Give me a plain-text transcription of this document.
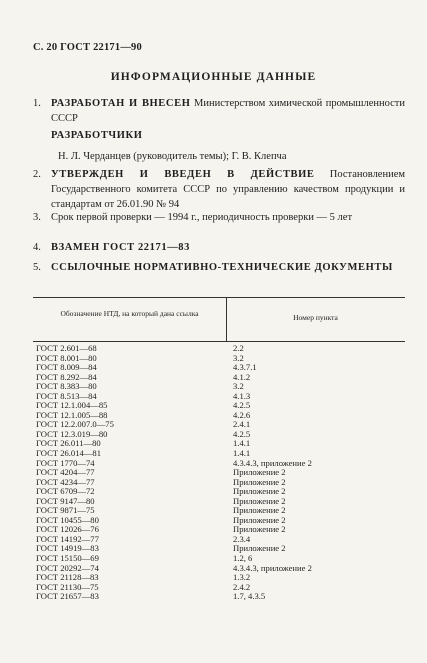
С. 20 ГОСТ 22171—90
ИНФОРМАЦИОННЫЕ ДАННЫЕ
1. РАЗРАБОТАН И ВНЕСЕН Министерством химической промышленности СССР
РАЗРАБОТЧИКИ
Н. Л. Черданцев (руководитель темы); Г. В. Клепча
2. УТВЕРЖДЕН И ВВЕДЕН В ДЕЙСТВИЕ Постановлением Государственного комитета СССР по управлению качеством продукции и стандартам от 26.01.90 № 94
3. Срок первой проверки — 1994 г., периодичность проверки — 5 лет
4. ВЗАМЕН ГОСТ 22171—83
5. ССЫЛОЧНЫЕ НОРМАТИВНО-ТЕХНИЧЕСКИЕ ДОКУМЕНТЫ
Обозначение НТД, на который дана ссылка	Номер пункта
ГОСТ 2.601—68	2.2
ГОСТ 8.001—80	3.2
ГОСТ 8.009—84	4.3.7.1
ГОСТ 8.292—84	4.1.2
ГОСТ 8.383—80	3.2
ГОСТ 8.513—84	4.1.3
ГОСТ 12.1.004—85	4.2.5
ГОСТ 12.1.005—88	4.2.6
ГОСТ 12.2.007.0—75	2.4.1
ГОСТ 12.3.019—80	4.2.5
ГОСТ 26.011—80	1.4.1
ГОСТ 26.014—81	1.4.1
ГОСТ 1770—74	4.3.4.3, приложение 2
ГОСТ 4204—77	Приложение 2
ГОСТ 4234—77	Приложение 2
ГОСТ 6709—72	Приложение 2
ГОСТ 9147—80	Приложение 2
ГОСТ 9871—75	Приложение 2
ГОСТ 10455—80	Приложение 2
ГОСТ 12026—76	Приложение 2
ГОСТ 14192—77	2.3.4
ГОСТ 14919—83	Приложение 2
ГОСТ 15150—69	1.2, 6
ГОСТ 20292—74	4.3.4.3, приложение 2
ГОСТ 21128—83	1.3.2
ГОСТ 21130—75	2.4.2
ГОСТ 21657—83	1.7, 4.3.5
